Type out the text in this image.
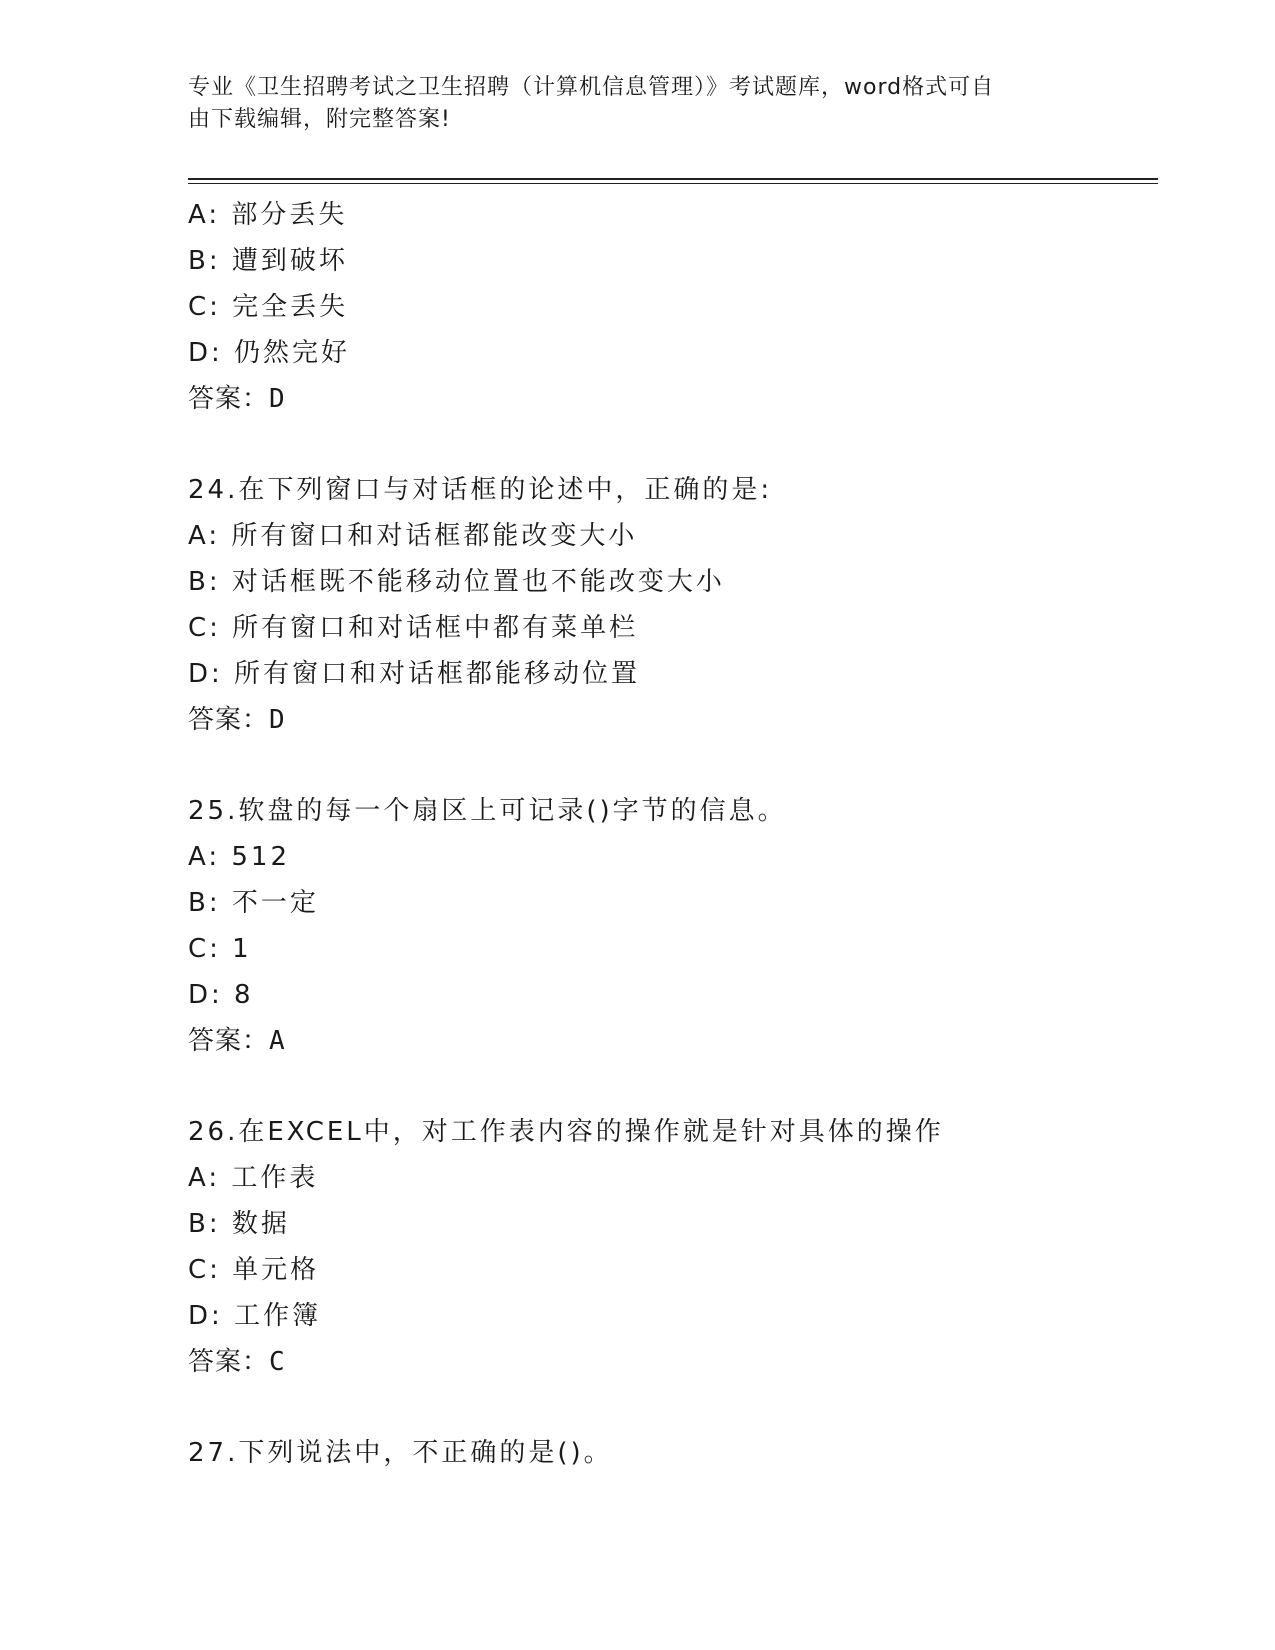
专业《卫生招聘考试之卫生招聘（计算机信息管理）》考试题库，word格式可自
由下载编辑，附完整答案!
A: 部分丢失
B: 遭到破坏
C: 完全丢失
D: 仍然完好
答案：D
24.在下列窗口与对话框的论述中，正确的是:
A: 所有窗口和对话框都能改变大小
B: 对话框既不能移动位置也不能改变大小
C: 所有窗口和对话框中都有菜单栏
D: 所有窗口和对话框都能移动位置
答案：D
25.软盘的每一个扇区上可记录()字节的信息。
A: 512
B: 不一定
C: 1
D: 8
答案：A
26.在EXCEL中，对工作表内容的操作就是针对具体的操作
A: 工作表
B: 数据
C: 单元格
D: 工作簿
答案：C
27.下列说法中，不正确的是()。
